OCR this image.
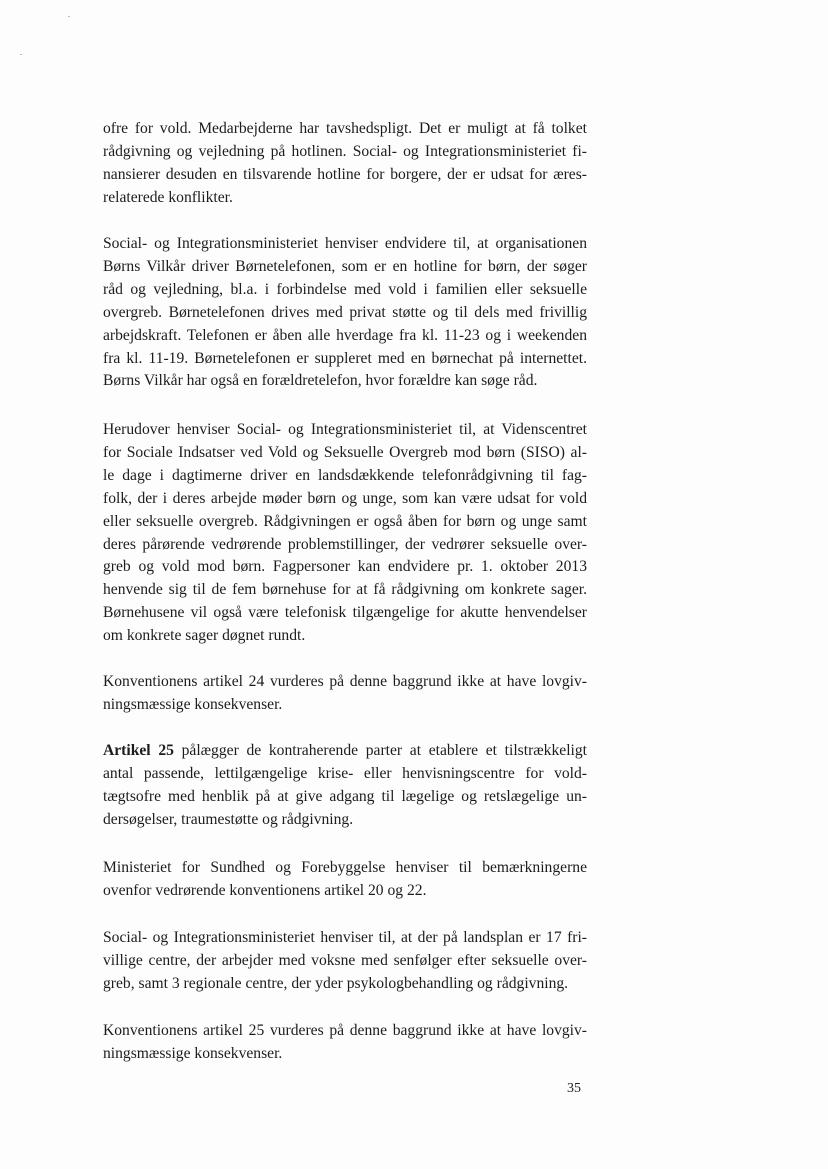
ofre for vold. Medarbejderne har tavshedspligt. Det er muligt at få tolket
rådgivning og vejledning på hotlinen. Social- og Integrationsministeriet fi-
nansierer desuden en tilsvarende hotline for borgere, der er udsat for æres-
relaterede konflikter.

Social- og Integrationsministeriet henviser endvidere til, at organisationen
Børns Vilkår driver Børnetelefonen, som er en hotline for børn, der søger
råd og vejledning, bl.a. i forbindelse med vold i familien eller seksuelle
overgreb. Børnetelefonen drives med privat støtte og til dels med frivillig
arbejdskraft. Telefonen er åben alle hverdage fra kl. 11-23 og i weekenden
fra kl. 11-19. Børnetelefonen er suppleret med en børnechat på internettet.
Børns Vilkår har også en forældretelefon, hvor forældre kan søge råd.

Herudover henviser Social- og Integrationsministeriet til, at Videnscentret
for Sociale Indsatser ved Vold og Seksuelle Overgreb mod børn (SISO) al-
le dage i dagtimerne driver en landsdækkende telefonrådgivning til fag-
folk, der i deres arbejde møder børn og unge, som kan være udsat for vold
eller seksuelle overgreb. Rådgivningen er også åben for børn og unge samt
deres pårørende vedrørende problemstillinger, der vedrører seksuelle over-
greb og vold mod børn. Fagpersoner kan endvidere pr. 1. oktober 2013
henvende sig til de fem børnehuse for at få rådgivning om konkrete sager.
Børnehusene vil også være telefonisk tilgængelige for akutte henvendelser
om konkrete sager døgnet rundt.

Konventionens artikel 24 vurderes på denne baggrund ikke at have lovgiv-
ningsmæssige konsekvenser.

Artikel 25 pålægger de kontraherende parter at etablere et tilstrækkeligt
antal passende, lettilgængelige krise- eller henvisningscentre for vold-
tægtsofre med henblik på at give adgang til lægelige og retslægelige un-
dersøgelser, traumestøtte og rådgivning.

Ministeriet for Sundhed og Forebyggelse henviser til bemærkningerne
ovenfor vedrørende konventionens artikel 20 og 22.

Social- og Integrationsministeriet henviser til, at der på landsplan er 17 fri-
villige centre, der arbejder med voksne med senfølger efter seksuelle over-
greb, samt 3 regionale centre, der yder psykologbehandling og rådgivning.

Konventionens artikel 25 vurderes på denne baggrund ikke at have lovgiv-
ningsmæssige konsekvenser.

35
